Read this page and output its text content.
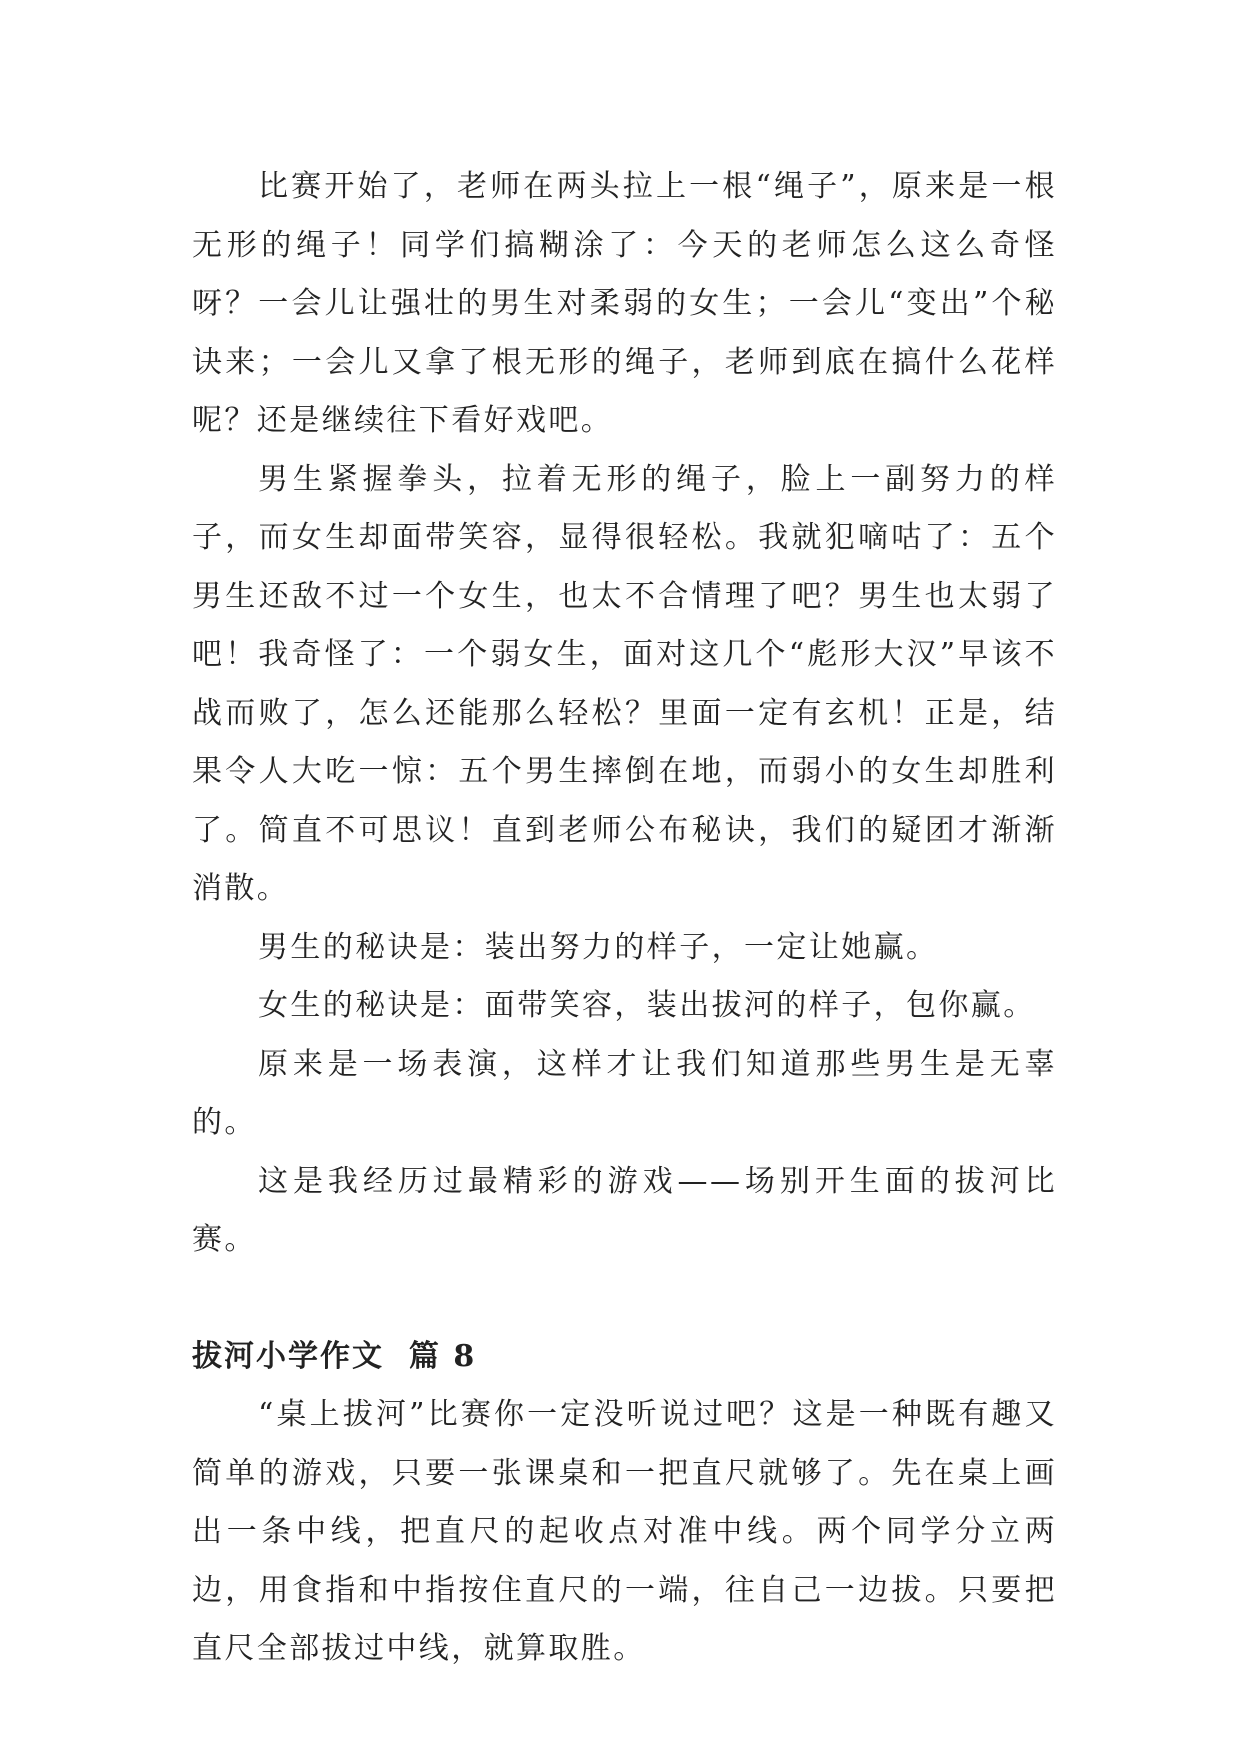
比赛开始了，老师在两头拉上一根“绳子”，原来是一根无形的绳子！同学们搞糊涂了：今天的老师怎么这么奇怪呀？一会儿让强壮的男生对柔弱的女生；一会儿“变出”个秘诀来；一会儿又拿了根无形的绳子，老师到底在搞什么花样呢？还是继续往下看好戏吧。

男生紧握拳头，拉着无形的绳子，脸上一副努力的样子，而女生却面带笑容，显得很轻松。我就犯嘀咕了：五个男生还敌不过一个女生，也太不合情理了吧？男生也太弱了吧！我奇怪了：一个弱女生，面对这几个“彪形大汉”早该不战而败了，怎么还能那么轻松？里面一定有玄机！正是，结果令人大吃一惊：五个男生摔倒在地，而弱小的女生却胜利了。简直不可思议！直到老师公布秘诀，我们的疑团才渐渐消散。

男生的秘诀是：装出努力的样子，一定让她赢。

女生的秘诀是：面带笑容，装出拔河的样子，包你赢。

原来是一场表演，这样才让我们知道那些男生是无辜的。

这是我经历过最精彩的游戏——场别开生面的拔河比赛。

拔河小学作文  篇 8

“桌上拔河”比赛你一定没听说过吧？这是一种既有趣又简单的游戏，只要一张课桌和一把直尺就够了。先在桌上画出一条中线，把直尺的起收点对准中线。两个同学分立两边，用食指和中指按住直尺的一端，往自己一边拔。只要把直尺全部拔过中线，就算取胜。
